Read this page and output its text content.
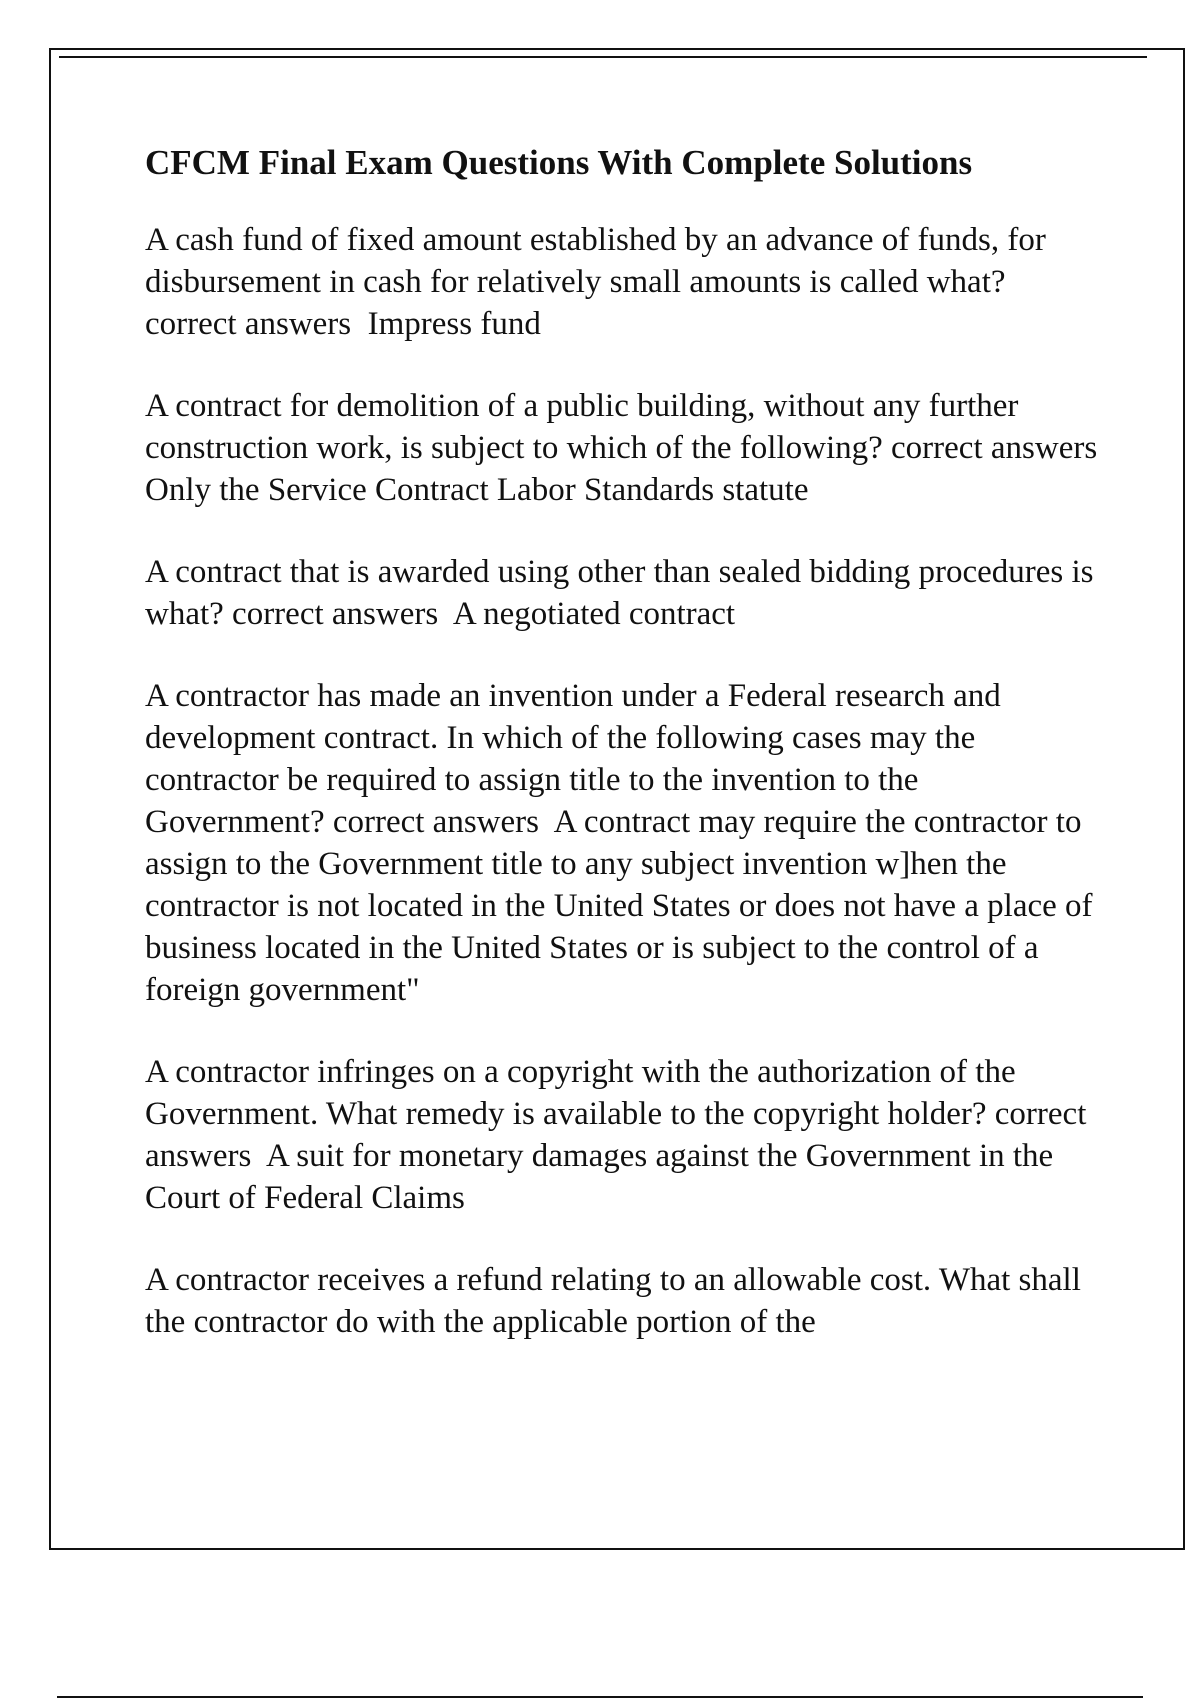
CFCM Final Exam Questions With Complete Solutions

A cash fund of fixed amount established by an advance of funds, for disbursement in cash for relatively small amounts is called what? correct answers  Impress fund

A contract for demolition of a public building, without any further construction work, is subject to which of the following? correct answers  Only the Service Contract Labor Standards statute

A contract that is awarded using other than sealed bidding procedures is what? correct answers  A negotiated contract

A contractor has made an invention under a Federal research and development contract. In which of the following cases may the contractor be required to assign title to the invention to the Government? correct answers  A contract may require the contractor to assign to the Government title to any subject invention w]hen the contractor is not located in the United States or does not have a place of business located in the United States or is subject to the control of a foreign government"

A contractor infringes on a copyright with the authorization of the Government. What remedy is available to the copyright holder? correct answers  A suit for monetary damages against the Government in the Court of Federal Claims

A contractor receives a refund relating to an allowable cost. What shall the contractor do with the applicable portion of the
